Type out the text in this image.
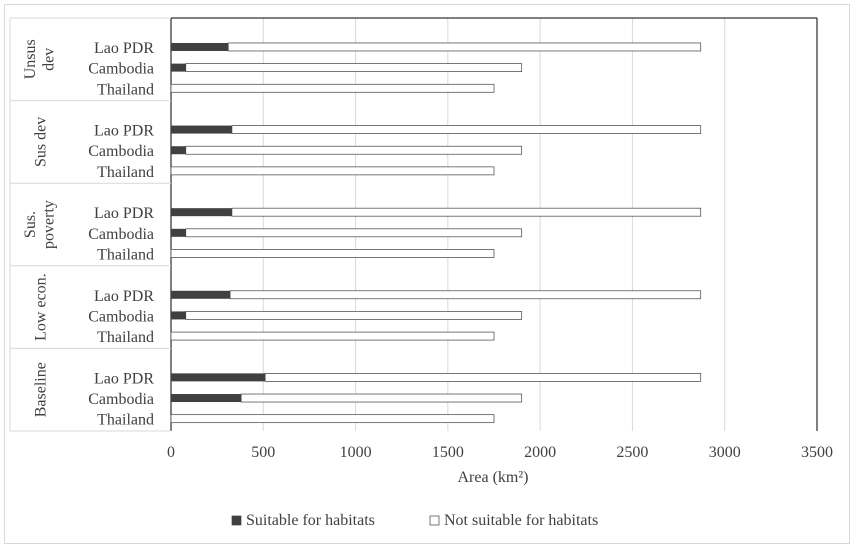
Lao PDR
Cambodia
Thailand
Lao PDR
Cambodia
Thailand
Lao PDR
Cambodia
Thailand
Lao PDR
Cambodia
Thailand
Lao PDR
Cambodia
Thailand
Unsusdev
Sus dev
Sus.poverty
Low econ.
Baseline
0	500	1000	1500	2000	2500	3000	3500
Area (km²)
Suitable for habitats	Not suitable for habitats
